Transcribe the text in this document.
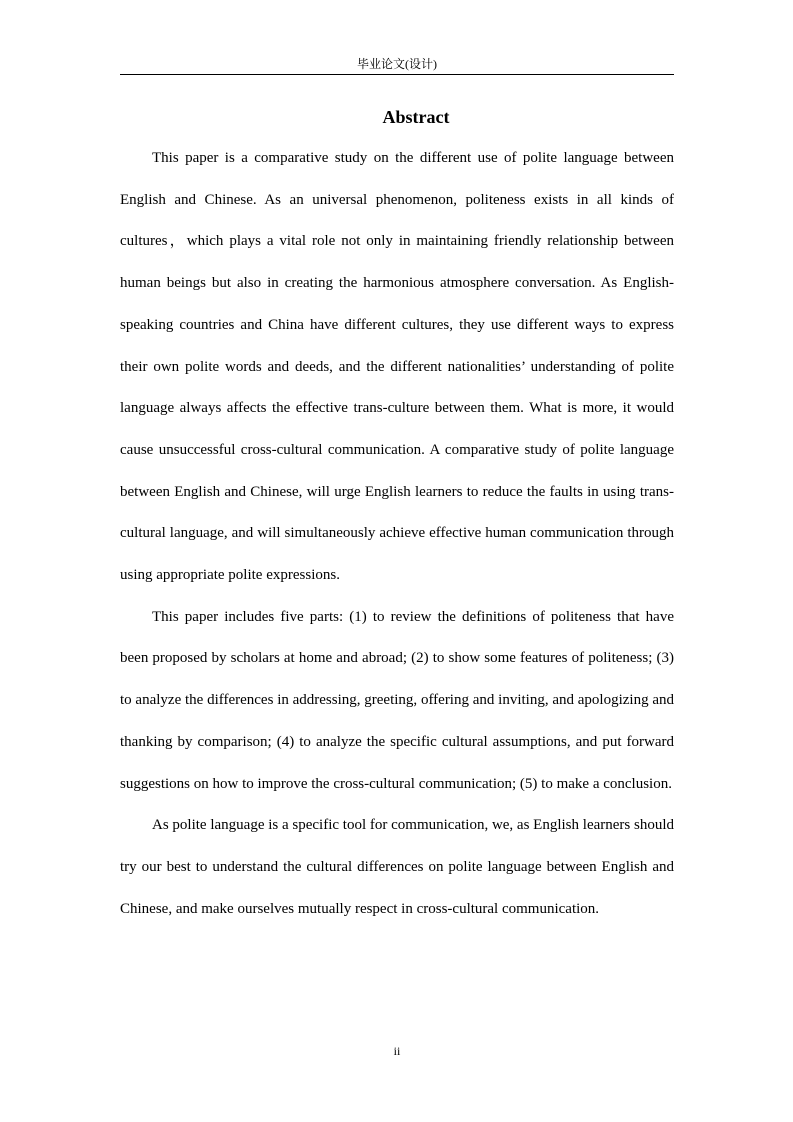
毕业论文(设计)
Abstract

This paper is a comparative study on the different use of polite language between English and Chinese. As an universal phenomenon, politeness exists in all kinds of cultures，which plays a vital role not only in maintaining friendly relationship between human beings but also in creating the harmonious atmosphere conversation. As English-speaking countries and China have different cultures, they use different ways to express their own polite words and deeds, and the different nationalities’ understanding of polite language always affects the effective trans-culture between them. What is more, it would cause unsuccessful cross-cultural communication. A comparative study of polite language between English and Chinese, will urge English learners to reduce the faults in using trans-cultural language, and will simultaneously achieve effective human communication through using appropriate polite expressions.

This paper includes five parts: (1) to review the definitions of politeness that have been proposed by scholars at home and abroad; (2) to show some features of politeness; (3) to analyze the differences in addressing, greeting, offering and inviting, and apologizing and thanking by comparison; (4) to analyze the specific cultural assumptions, and put forward suggestions on how to improve the cross-cultural communication; (5) to make a conclusion.

As polite language is a specific tool for communication, we, as English learners should try our best to understand the cultural differences on polite language between English and Chinese, and make ourselves mutually respect in cross-cultural communication.

ii
